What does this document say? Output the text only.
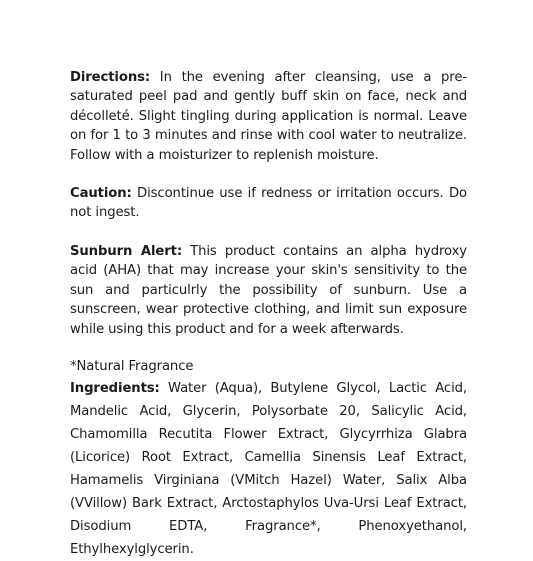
Directions: In the evening after cleansing, use a pre-saturated peel pad and gently buff skin on face, neck and décolleté. Slight tingling during application is normal. Leave on for 1 to 3 minutes and rinse with cool water to neutralize. Follow with a moisturizer to replenish moisture.

Caution: Discontinue use if redness or irritation occurs. Do not ingest.

Sunburn Alert: This product contains an alpha hydroxy acid (AHA) that may increase your skin's sensitivity to the sun and particulrly the possibility of sunburn. Use a sunscreen, wear protective clothing, and limit sun exposure while using this product and for a week afterwards.

*Natural Fragrance

Ingredients: Water (Aqua), Butylene Glycol, Lactic Acid, Mandelic Acid, Glycerin, Polysorbate 20, Salicylic Acid, Chamomilla Recutita Flower Extract, Glycyrrhiza Glabra (Licorice) Root Extract, Camellia Sinensis Leaf Extract, Hamamelis Virginiana (VMitch Hazel) Water, Salix Alba (VVillow) Bark Extract, Arctostaphylos Uva-Ursi Leaf Extract, Disodium EDTA, Fragrance*, Phenoxyethanol, Ethylhexylglycerin.
